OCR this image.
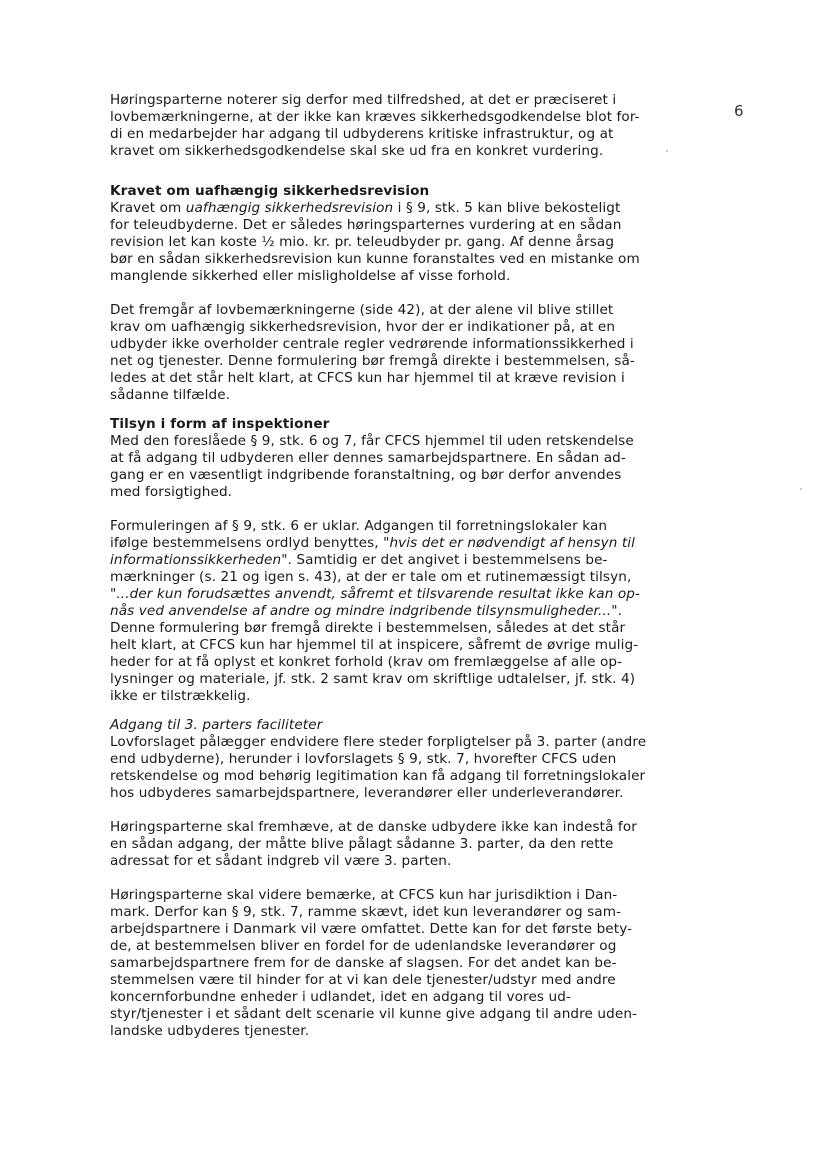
6

Høringsparterne noterer sig derfor med tilfredshed, at det er præciseret i
lovbemærkningerne, at der ikke kan kræves sikkerhedsgodkendelse blot for-
di en medarbejder har adgang til udbyderens kritiske infrastruktur, og at
kravet om sikkerhedsgodkendelse skal ske ud fra en konkret vurdering.

Kravet om uafhængig sikkerhedsrevision

Kravet om uafhængig sikkerhedsrevision i § 9, stk. 5 kan blive bekosteligt
for teleudbyderne. Det er således høringsparternes vurdering at en sådan
revision let kan koste ½ mio. kr. pr. teleudbyder pr. gang. Af denne årsag
bør en sådan sikkerhedsrevision kun kunne foranstaltes ved en mistanke om
manglende sikkerhed eller misligholdelse af visse forhold.

Det fremgår af lovbemærkningerne (side 42), at der alene vil blive stillet
krav om uafhængig sikkerhedsrevision, hvor der er indikationer på, at en
udbyder ikke overholder centrale regler vedrørende informationssikkerhed i
net og tjenester. Denne formulering bør fremgå direkte i bestemmelsen, så-
ledes at det står helt klart, at CFCS kun har hjemmel til at kræve revision i
sådanne tilfælde.

Tilsyn i form af inspektioner

Med den foreslåede § 9, stk. 6 og 7, får CFCS hjemmel til uden retskendelse
at få adgang til udbyderen eller dennes samarbejdspartnere. En sådan ad-
gang er en væsentligt indgribende foranstaltning, og bør derfor anvendes
med forsigtighed.

Formuleringen af § 9, stk. 6 er uklar. Adgangen til forretningslokaler kan
ifølge bestemmelsens ordlyd benyttes, "hvis det er nødvendigt af hensyn til
informationssikkerheden". Samtidig er det angivet i bestemmelsens be-
mærkninger (s. 21 og igen s. 43), at der er tale om et rutinemæssigt tilsyn,
"...der kun forudsættes anvendt, såfremt et tilsvarende resultat ikke kan op-
nås ved anvendelse af andre og mindre indgribende tilsynsmuligheder...".
Denne formulering bør fremgå direkte i bestemmelsen, således at det står
helt klart, at CFCS kun har hjemmel til at inspicere, såfremt de øvrige mulig-
heder for at få oplyst et konkret forhold (krav om fremlæggelse af alle op-
lysninger og materiale, jf. stk. 2 samt krav om skriftlige udtalelser, jf. stk. 4)
ikke er tilstrækkelig.

Adgang til 3. parters faciliteter

Lovforslaget pålægger endvidere flere steder forpligtelser på 3. parter (andre
end udbyderne), herunder i lovforslagets § 9, stk. 7, hvorefter CFCS uden
retskendelse og mod behørig legitimation kan få adgang til forretningslokaler
hos udbyderes samarbejdspartnere, leverandører eller underleverandører.

Høringsparterne skal fremhæve, at de danske udbydere ikke kan indestå for
en sådan adgang, der måtte blive pålagt sådanne 3. parter, da den rette
adressat for et sådant indgreb vil være 3. parten.

Høringsparterne skal videre bemærke, at CFCS kun har jurisdiktion i Dan-
mark. Derfor kan § 9, stk. 7, ramme skævt, idet kun leverandører og sam-
arbejdspartnere i Danmark vil være omfattet. Dette kan for det første bety-
de, at bestemmelsen bliver en fordel for de udenlandske leverandører og
samarbejdspartnere frem for de danske af slagsen. For det andet kan be-
stemmelsen være til hinder for at vi kan dele tjenester/udstyr med andre
koncernforbundne enheder i udlandet, idet en adgang til vores ud-
styr/tjenester i et sådant delt scenarie vil kunne give adgang til andre uden-
landske udbyderes tjenester.
